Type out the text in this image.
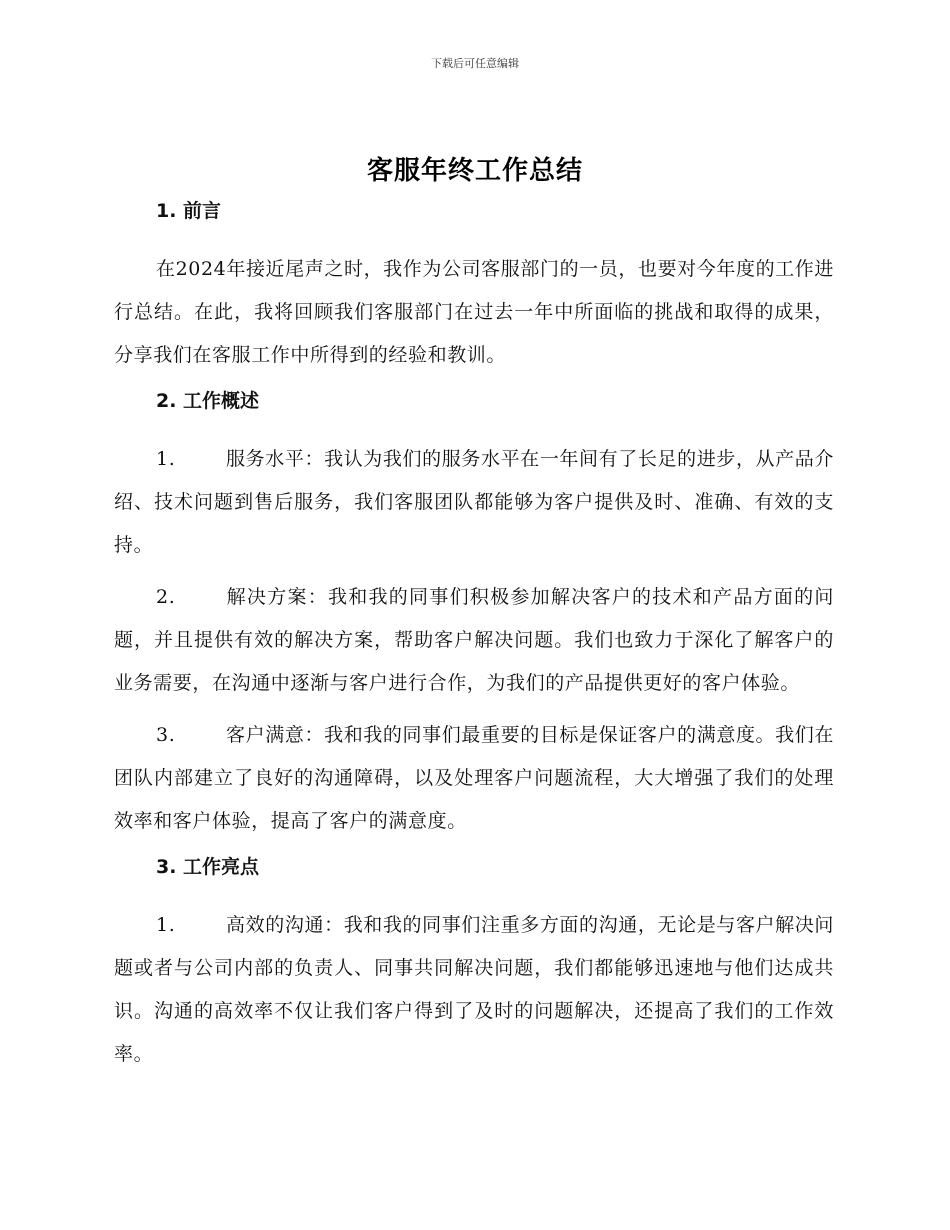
下载后可任意编辑
客服年终工作总结
1. 前言

在2024年接近尾声之时，我作为公司客服部门的一员，也要对今年度的工作进行总结。在此，我将回顾我们客服部门在过去一年中所面临的挑战和取得的成果，分享我们在客服工作中所得到的经验和教训。

2. 工作概述

1.	服务水平：我认为我们的服务水平在一年间有了长足的进步，从产品介绍、技术问题到售后服务，我们客服团队都能够为客户提供及时、准确、有效的支持。

2.	解决方案：我和我的同事们积极参加解决客户的技术和产品方面的问题，并且提供有效的解决方案，帮助客户解决问题。我们也致力于深化了解客户的业务需要，在沟通中逐渐与客户进行合作，为我们的产品提供更好的客户体验。

3.	客户满意：我和我的同事们最重要的目标是保证客户的满意度。我们在团队内部建立了良好的沟通障碍，以及处理客户问题流程，大大增强了我们的处理效率和客户体验，提高了客户的满意度。

3. 工作亮点

1.	高效的沟通：我和我的同事们注重多方面的沟通，无论是与客户解决问题或者与公司内部的负责人、同事共同解决问题，我们都能够迅速地与他们达成共识。沟通的高效率不仅让我们客户得到了及时的问题解决，还提高了我们的工作效率。
